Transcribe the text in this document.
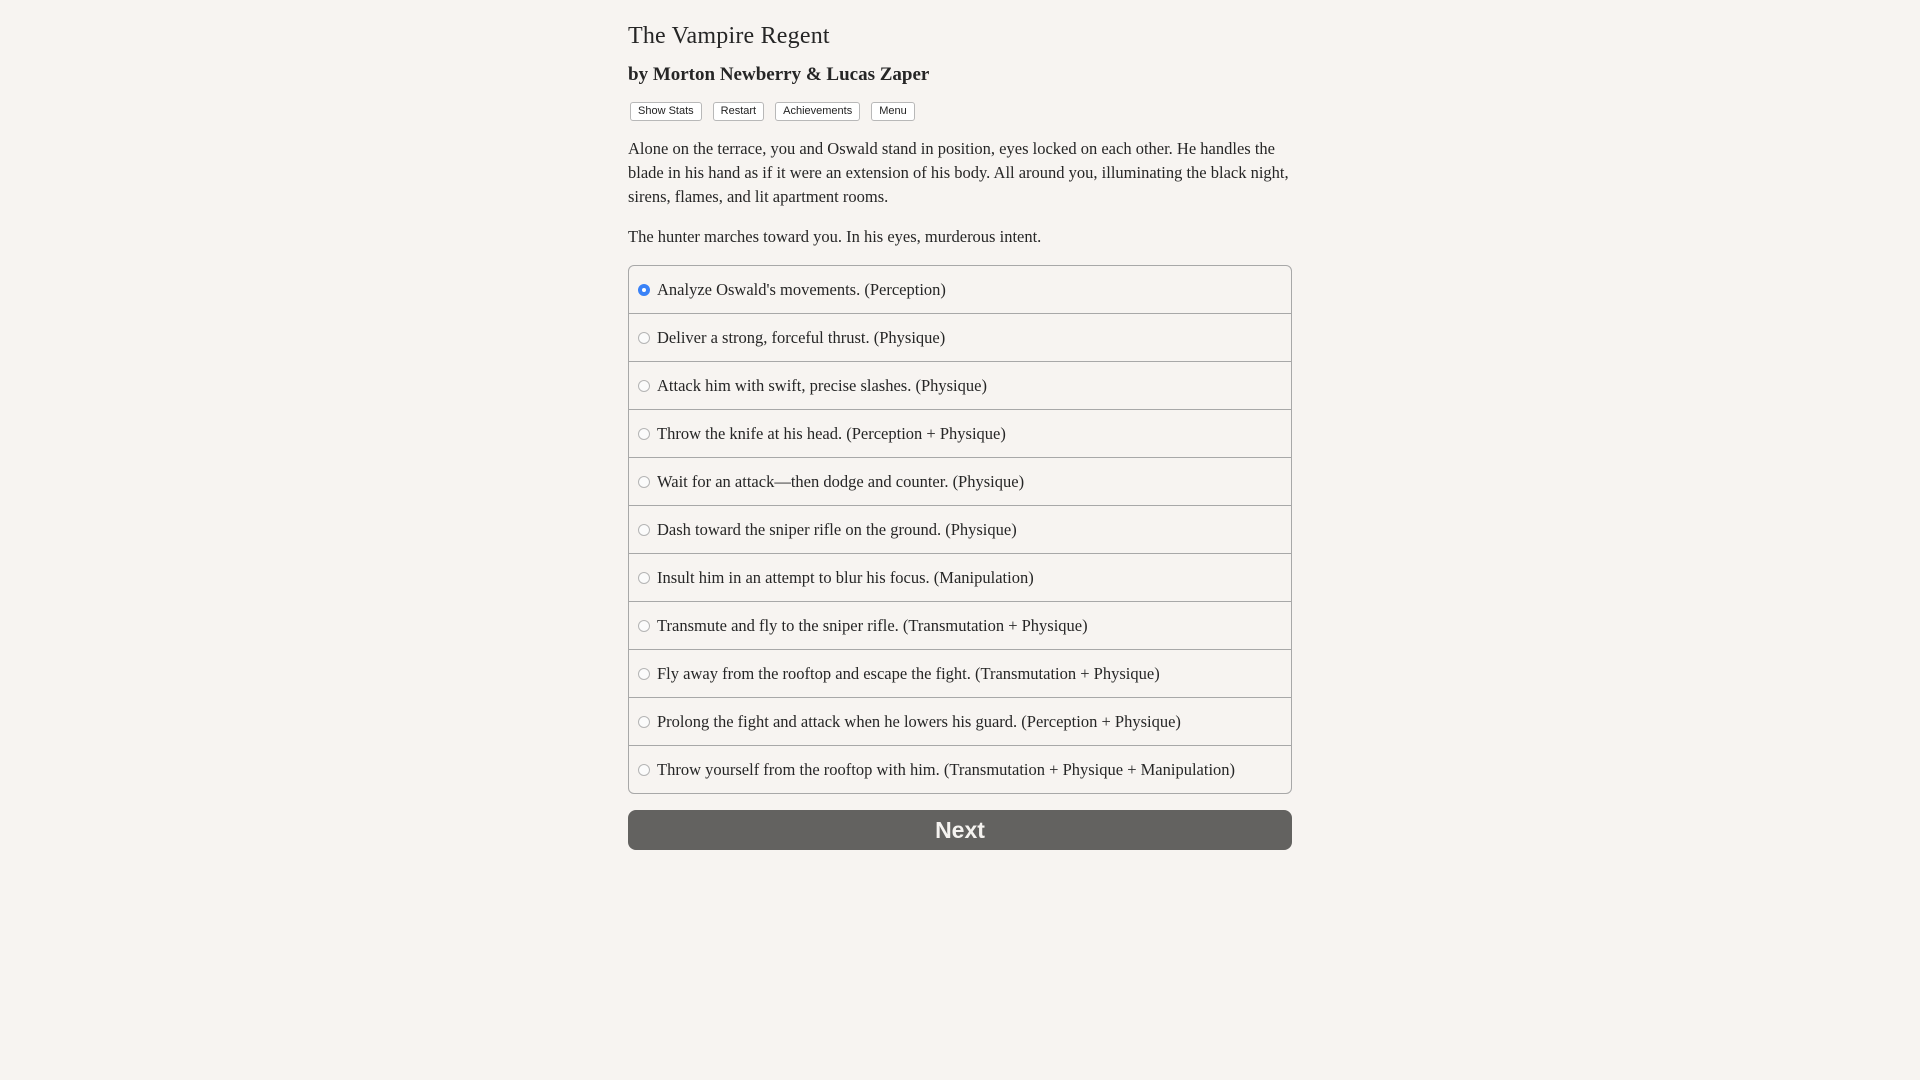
The Vampire Regent
by Morton Newberry & Lucas Zaper
Show Stats	Restart	Achievements	Menu

Alone on the terrace, you and Oswald stand in position, eyes locked on each other. He handles the blade in his hand as if it were an extension of his body. All around you, illuminating the black night, sirens, flames, and lit apartment rooms.

The hunter marches toward you. In his eyes, murderous intent.

Analyze Oswald's movements. (Perception)
Deliver a strong, forceful thrust. (Physique)
Attack him with swift, precise slashes. (Physique)
Throw the knife at his head. (Perception + Physique)
Wait for an attack—then dodge and counter. (Physique)
Dash toward the sniper rifle on the ground. (Physique)
Insult him in an attempt to blur his focus. (Manipulation)
Transmute and fly to the sniper rifle. (Transmutation + Physique)
Fly away from the rooftop and escape the fight. (Transmutation + Physique)
Prolong the fight and attack when he lowers his guard. (Perception + Physique)
Throw yourself from the rooftop with him. (Transmutation + Physique + Manipulation)
Next
